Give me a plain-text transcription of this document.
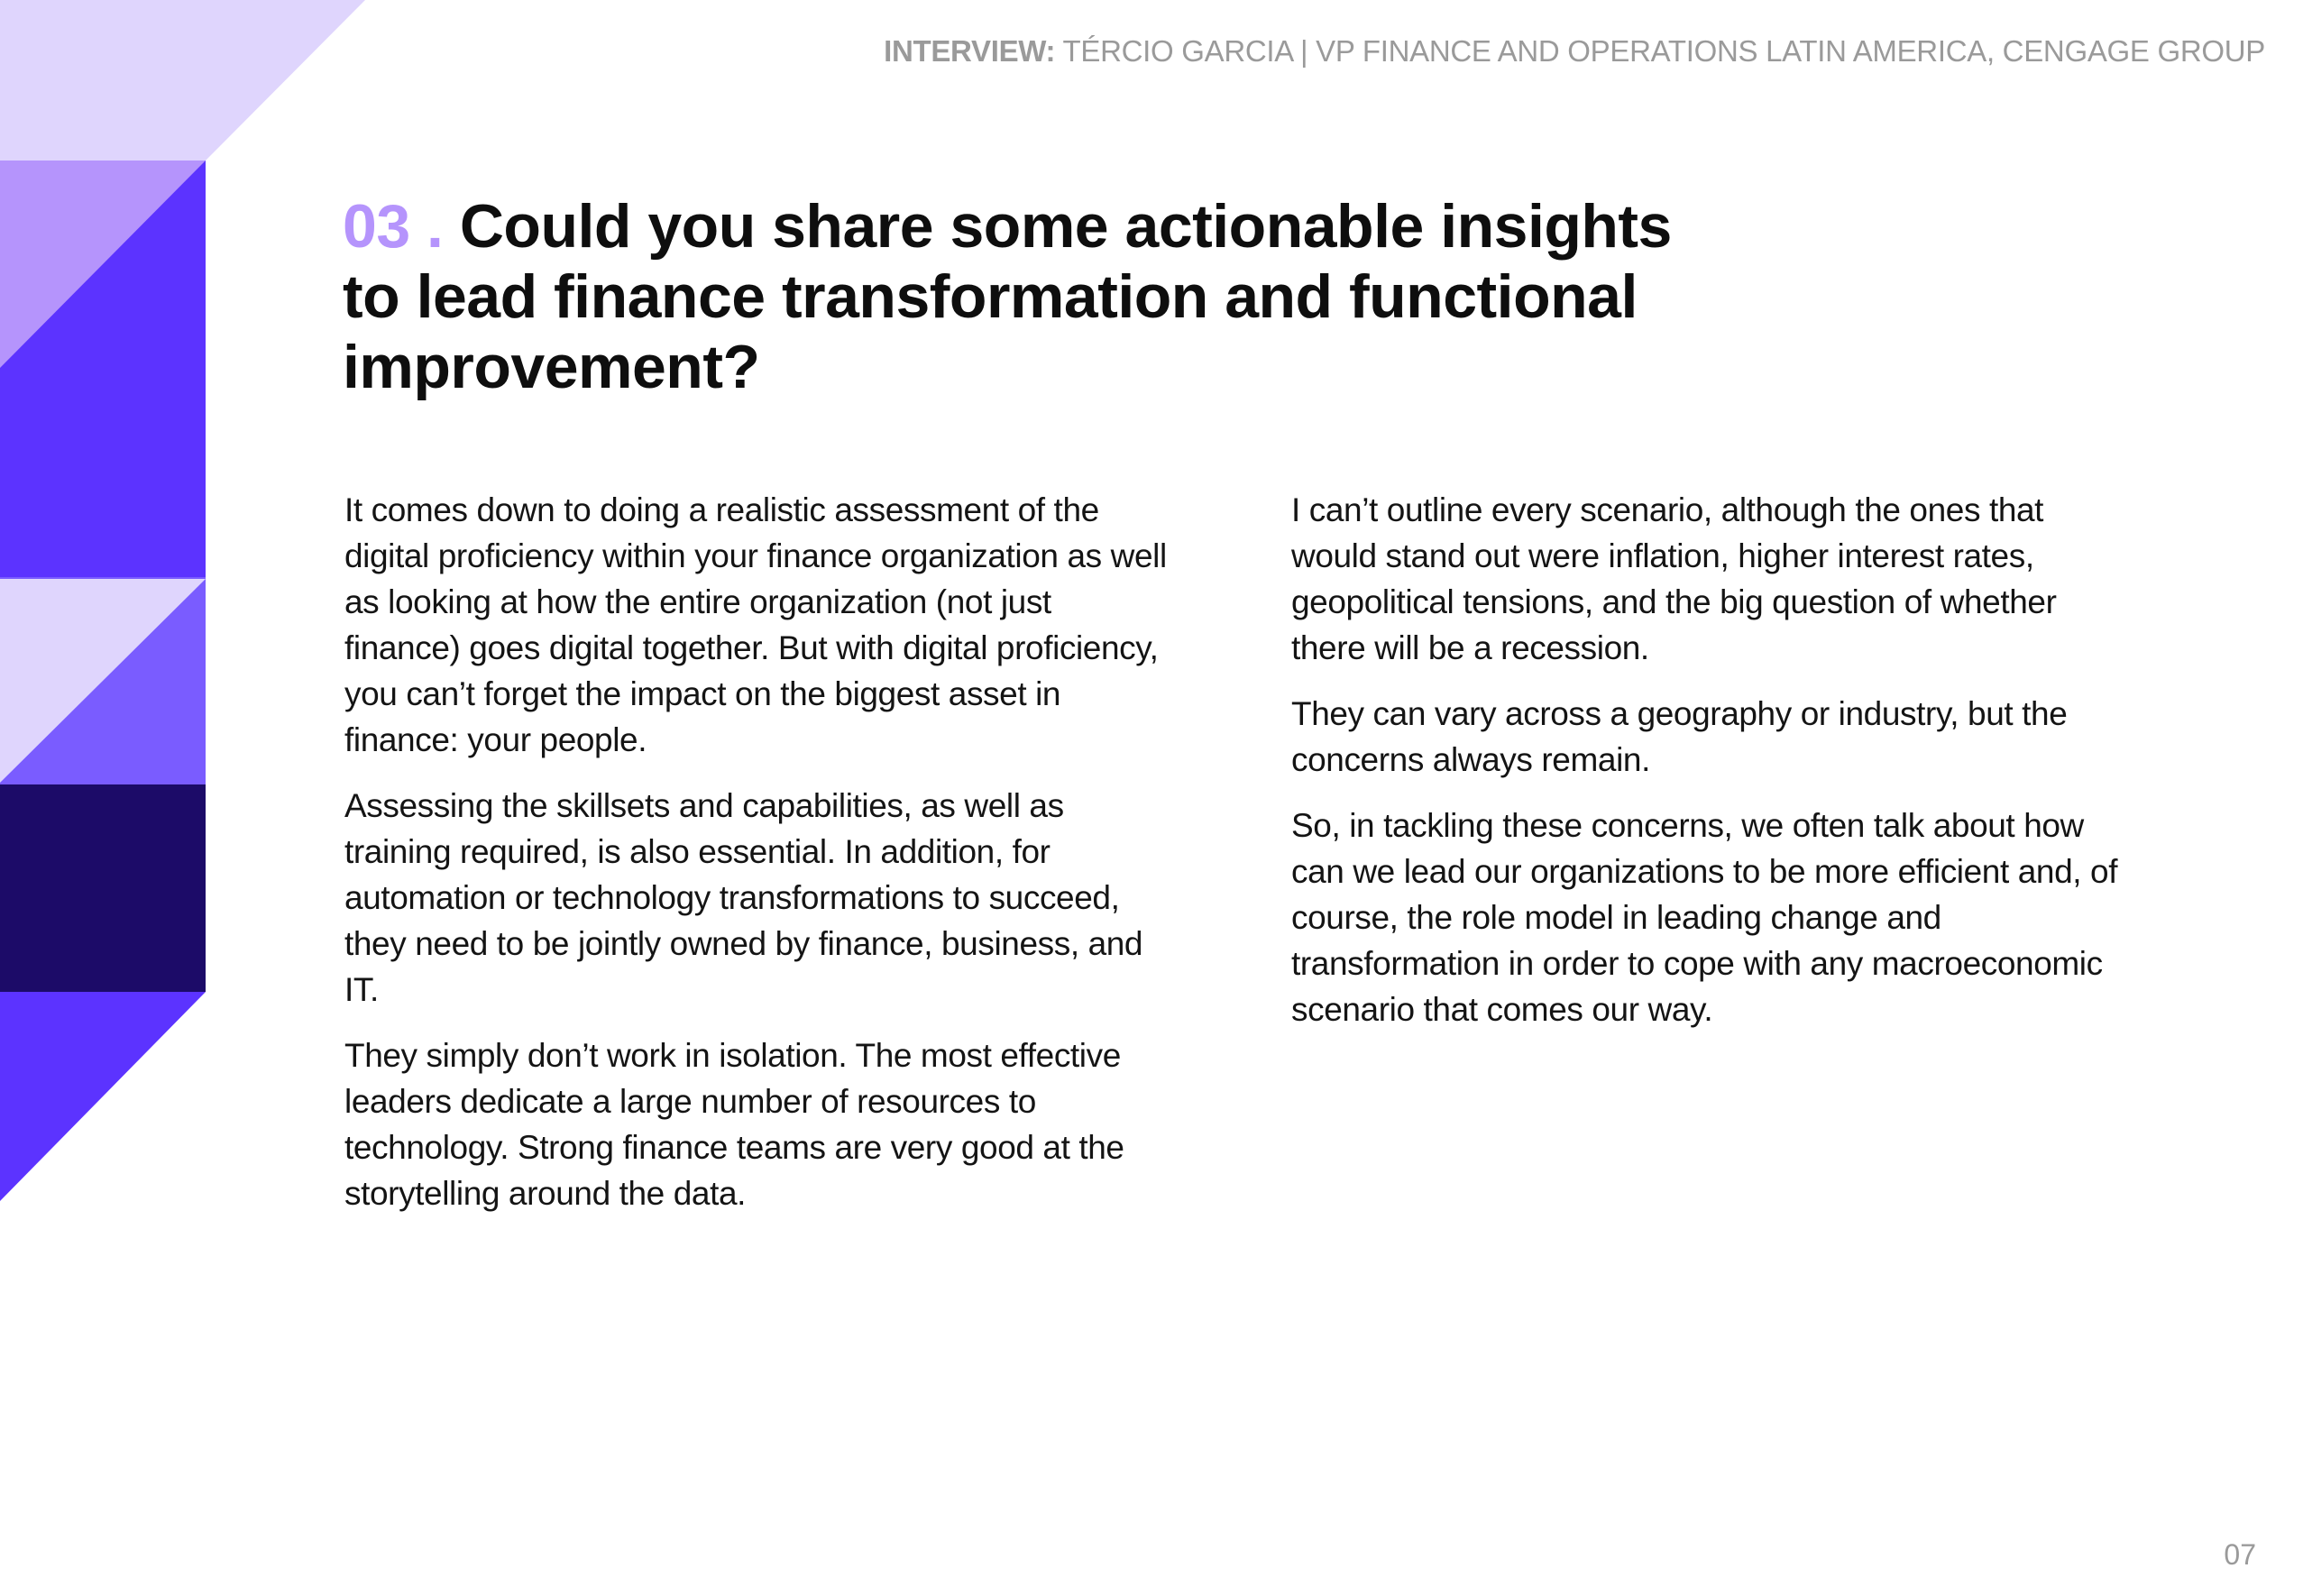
INTERVIEW: TÉRCIO GARCIA | VP FINANCE AND OPERATIONS LATIN AMERICA, CENGAGE GROUP
03 . Could you share some actionable insights to lead finance transformation and functional improvement?

It comes down to doing a realistic assessment of the digital proficiency within your finance organization as well as looking at how the entire organization (not just finance) goes digital together. But with digital proficiency, you can’t forget the impact on the biggest asset in finance: your people.

Assessing the skillsets and capabilities, as well as training required, is also essential. In addition, for automation or technology transformations to succeed, they need to be jointly owned by finance, business, and IT.

They simply don’t work in isolation. The most effective leaders dedicate a large number of resources to technology. Strong finance teams are very good at the storytelling around the data.

I can’t outline every scenario, although the ones that would stand out were inflation, higher interest rates, geopolitical tensions, and the big question of whether there will be a recession.

They can vary across a geography or industry, but the concerns always remain.

So, in tackling these concerns, we often talk about how can we lead our organizations to be more efficient and, of course, the role model in leading change and transformation in order to cope with any macroeconomic scenario that comes our way.

07
